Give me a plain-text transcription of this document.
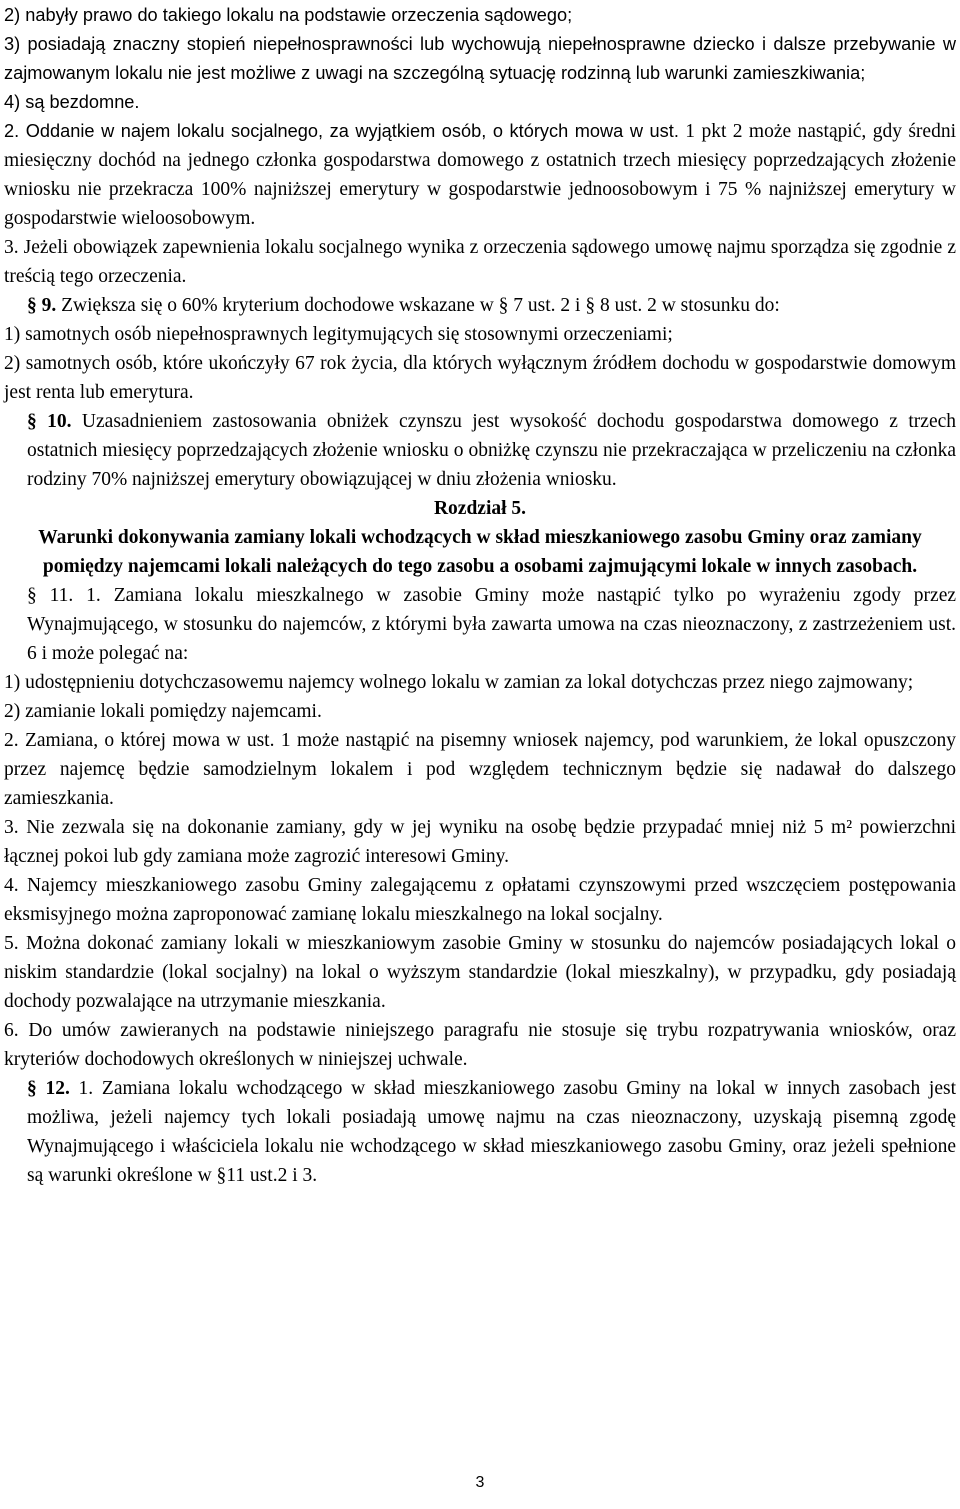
2) nabyły prawo do takiego lokalu na podstawie orzeczenia sądowego;

3) posiadają znaczny stopień niepełnosprawności lub wychowują niepełnosprawne dziecko i dalsze przebywanie w zajmowanym lokalu nie jest możliwe z uwagi na szczególną sytuację rodzinną lub warunki zamieszkiwania;

4) są bezdomne.

2. Oddanie w najem lokalu socjalnego, za wyjątkiem osób, o których mowa w ust. 1 pkt 2 może nastąpić, gdy średni miesięczny dochód na jednego członka gospodarstwa domowego z ostatnich trzech miesięcy poprzedzających złożenie wniosku nie przekracza 100% najniższej emerytury w gospodarstwie jednoosobowym i 75 % najniższej emerytury w gospodarstwie wieloosobowym.

3. Jeżeli obowiązek zapewnienia lokalu socjalnego wynika z orzeczenia sądowego umowę najmu sporządza się zgodnie z treścią tego orzeczenia.

§ 9. Zwiększa się o 60% kryterium dochodowe wskazane w § 7 ust. 2 i § 8 ust. 2 w stosunku do:

1) samotnych osób niepełnosprawnych legitymujących się stosownymi orzeczeniami;

2) samotnych osób, które ukończyły 67 rok życia, dla których wyłącznym źródłem dochodu w gospodarstwie domowym jest renta lub emerytura.

§ 10. Uzasadnieniem zastosowania obniżek czynszu jest wysokość dochodu gospodarstwa domowego z trzech ostatnich miesięcy poprzedzających złożenie wniosku o obniżkę czynszu nie przekraczająca w przeliczeniu na członka rodziny 70% najniższej emerytury obowiązującej w dniu złożenia wniosku.

Rozdział 5.

Warunki dokonywania zamiany lokali wchodzących w skład mieszkaniowego zasobu Gminy oraz zamiany pomiędzy najemcami lokali należących do tego zasobu a osobami zajmującymi lokale w innych zasobach.

§ 11. 1. Zamiana lokalu mieszkalnego w zasobie Gminy może nastąpić tylko po wyrażeniu zgody przez Wynajmującego, w stosunku do najemców, z którymi była zawarta umowa na czas nieoznaczony, z zastrzeżeniem ust. 6 i może polegać na:

1) udostępnieniu dotychczasowemu najemcy wolnego lokalu w zamian za lokal dotychczas przez niego zajmowany;

2) zamianie lokali pomiędzy najemcami.

2. Zamiana, o której mowa w ust. 1 może nastąpić na pisemny wniosek najemcy, pod warunkiem, że lokal opuszczony przez najemcę będzie samodzielnym lokalem i pod względem technicznym będzie się nadawał do dalszego zamieszkania.

3. Nie zezwala się na dokonanie zamiany, gdy w jej wyniku na osobę będzie przypadać mniej niż 5 m² powierzchni łącznej pokoi lub gdy zamiana może zagrozić interesowi Gminy.

4. Najemcy mieszkaniowego zasobu Gminy zalegającemu z opłatami czynszowymi przed wszczęciem postępowania eksmisyjnego można zaproponować zamianę lokalu mieszkalnego na lokal socjalny.

5. Można dokonać zamiany lokali w mieszkaniowym zasobie Gminy w stosunku do najemców posiadających lokal o niskim standardzie (lokal socjalny) na lokal o wyższym standardzie (lokal mieszkalny), w przypadku, gdy posiadają dochody pozwalające na utrzymanie mieszkania.

6. Do umów zawieranych na podstawie niniejszego paragrafu nie stosuje się trybu rozpatrywania wniosków, oraz kryteriów dochodowych określonych w niniejszej uchwale.

§ 12. 1. Zamiana lokalu wchodzącego w skład mieszkaniowego zasobu Gminy na lokal w innych zasobach jest możliwa, jeżeli najemcy tych lokali posiadają umowę najmu na czas nieoznaczony, uzyskają pisemną zgodę Wynajmującego i właściciela lokalu nie wchodzącego w skład mieszkaniowego zasobu Gminy, oraz jeżeli spełnione są warunki określone w §11 ust.2 i 3.

3
